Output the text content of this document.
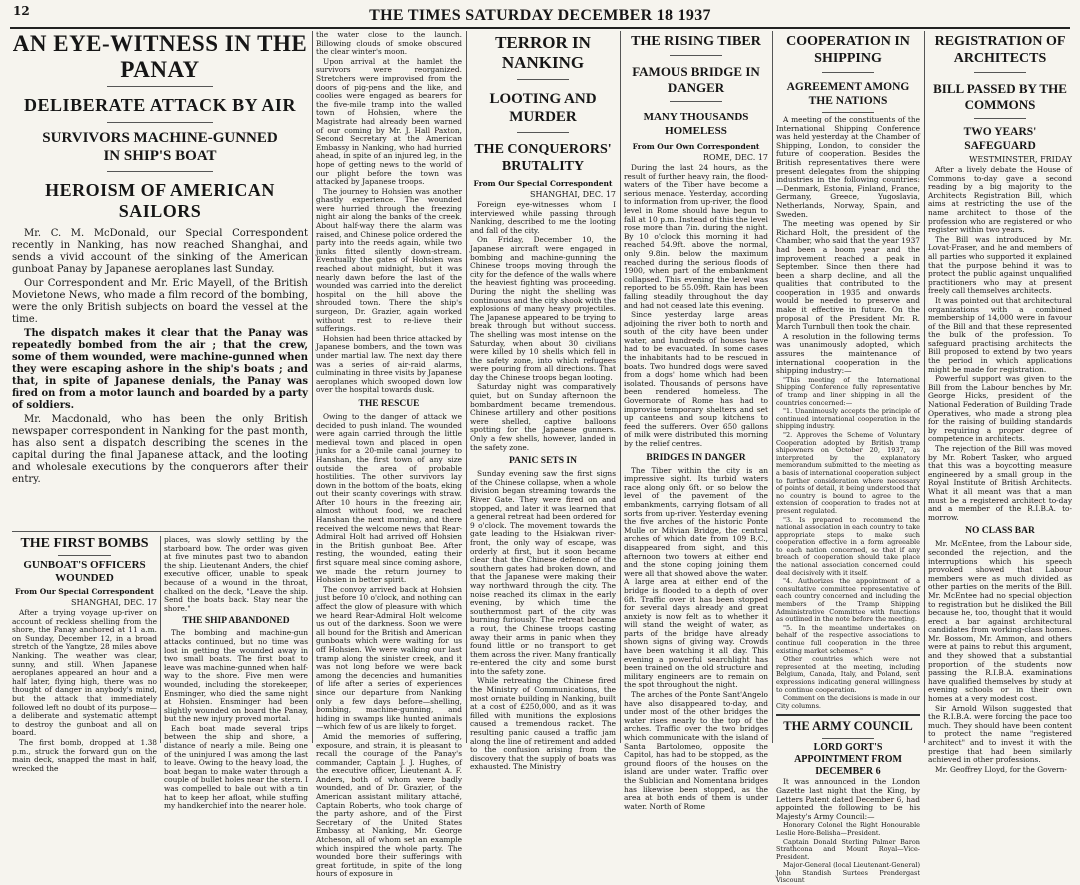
12	THE TIMES SATURDAY DECEMBER 18 1937
AN EYE-WITNESS IN THE PANAY
DELIBERATE ATTACK BY AIR
SURVIVORS MACHINE-GUNNED IN SHIP'S BOAT
HEROISM OF AMERICAN SAILORS

Mr. C. M. McDonald, our Special Correspondent recently in Nanking, has now reached Shanghai, and sends a vivid account of the sinking of the American gunboat Panay by Japanese aeroplanes last Sunday.

Our Correspondent and Mr. Eric Mayell, of the British Movietone News, who made a film record of the bombing, were the only British subjects on board the vessel at the time.

The dispatch makes it clear that the Panay was repeatedly bombed from the air ; that the crew, some of them wounded, were machine-gunned when they were escaping ashore in the ship's boats ; and that, in spite of Japanese denials, the Panay was fired on from a motor launch and boarded by a party of soldiers.

Mr. Macdonald, who has been the only British newspaper correspondent in Nanking for the past month, has also sent a dispatch describing the scenes in the capital during the final Japanese attack, and the looting and wholesale executions by the conquerors after their entry.

THE FIRST BOMBS
GUNBOAT'S OFFICERS WOUNDED
From Our Special Correspondent
SHANGHAI, DEC. 17

After a trying voyage up-river on account of reckless shelling from the shore, the Panay anchored at 11 a.m. on Sunday, December 12, in a broad stretch of the Yangtze, 28 miles above Nanking. The weather was clear, sunny, and still. When Japanese aeroplanes appeared an hour and a half later, flying high, there was no thought of danger in anybody's mind, but the attack that immediately followed left no doubt of its purpose—a deliberate and systematic attempt to destroy the gunboat and all on board.

The first bomb, dropped at 1.38 p.m., struck the forward gun on the main deck, snapped the mast in half, wrecked the

places, was slowly settling by the starboard bow. The order was given at five minutes past two to abandon the ship. Lieutenant Anders, the chief executive officer, unable to speak because of a wound in the throat, chalked on the deck, "Leave the ship. Send the boats back. Stay near the shore."

THE SHIP ABANDONED

The bombing and machine-gun attacks continued, but no time was lost in getting the wounded away in two small boats. The first boat to leave was machine-gunned when half-way to the shore. Five men were wounded, including the storekeeper, Ensminger, who died the same night at Hohsien. Ensminger had been slightly wounded on board the Panay, but the new injury proved mortal.

Each boat made several trips between the ship and shore, a distance of nearly a mile. Being one of the uninjured I was among the last to leave. Owing to the heavy load, the boat began to make water through a couple of bullet holes near the stern. I was compelled to bale out with a tin hat to keep her afloat, while stuffing my handkerchief into the nearer hole.

the water close to the launch. Billowing clouds of smoke obscured the clear winter's moon.

Upon arrival at the hamlet the survivors were reorganized. Stretchers were improvised from the doors of pig-pens and the like, and coolies were engaged as bearers for the five-mile tramp into the walled town of Hohsien, where the Magistrate had already been warned of our coming by Mr. J. Hall Paxton, Second Secretary at the American Embassy in Nanking, who had hurried ahead, in spite of an injured leg, in the hope of getting news to the world of our plight before the town was attacked by Japanese troops.

The journey to Hohsien was another ghastly experience. The wounded were hurried through the freezing night air along the banks of the creek. About half-way there the alarm was raised, and Chinese police ordered the party into the reeds again, while two junks fitted silently down-stream. Eventually the gates of Hohsien was reached about midnight, but it was nearly dawn before the last of the wounded was carried into the derelict hospital on the hill above the shrouded town. There the ship's surgeon, Dr. Grazier, again worked without rest to re-lieve their sufferings.

Hohsien had been thrice attacked by Japanese bombers, and the town was under martial law. The next day there was a series of air-raid alarms, culminating in three visits by Japanese aeroplanes which swooped down low over the hospital towards dusk.

THE RESCUE

Owing to the danger of attack we decided to push inland. The wounded were again carried through the little medieval town and placed in open junks for a 20-mile canal journey to Hanshan, the first town of any size outside the area of probable hostilities. The other survivors lay down in the bottom of the boats, eking out their scanty coverings with straw. After 10 hours in the freezing air, almost without food, we reached Hanshan the next morning, and there received the welcome news that Rear-Admiral Holt had arrived off Hohsien in the British gunboat Bee. After resting, the wounded, eating their first square meal since coming ashore, we made the return journey to Hohsien in better spirit.

The convoy arrived back at Hohsien just before 10 o'clock, and nothing can affect the glow of pleasure with which we heard Rear-Admiral Holt welcome us out of the darkness. Soon we were all bound for the British and American gunboats which were waiting for us off Hohsien. We were walking our last tramp along the sinister creek, and it was not long before we were back among the decencies and humanities of life after a series of experiences since our departure from Nanking only a few days before—shelling, bombing, machine-gunning, and hiding in swamps like hunted animals—which few of us are likely to forget.

Amid the memories of suffering, exposure, and strain, it is pleasant to recall the courage of the Panay's commander, Captain J. J. Hughes, of the executive officer, Lieutenant A. F. Anders, both of whom were badly wounded, and of Dr. Grazier, of the American assistant military attaché, Captain Roberts, who took charge of the party ashore, and of the First Secretary of the United States Embassy at Nanking, Mr. George Atcheson, all of whom set an example which inspired the whole party. The wounded bore their sufferings with great fortitude, in spite of the long hours of exposure in

TERROR IN NANKING
LOOTING AND MURDER
THE CONQUERORS' BRUTALITY
From Our Special Correspondent
SHANGHAI, DEC. 17

Foreign eye-witnesses whom I interviewed while passing through Nanking, described to me the looting and fall of the city.

On Friday, December 10, the Japanese aircraft were engaged in bombing and machine-gunning the Chinese troops moving through the city for the defence of the walls where the heaviest fighting was proceeding. During the night the shelling was continuous and the city shook with the explosions of many heavy projectiles. The Japanese appeared to be trying to break through but without success. The shelling was most intense on the Saturday, when about 30 civilians were killed by 10 shells which fell in the safety zone, into which refugees were pouring from all directions. That day the Chinese troops began looting.

Saturday night was comparatively quiet, but on Sunday afternoon the bombardment became tremendous. Chinese artillery and other positions were shelled, captive balloons spotting for the Japanese gunners. Only a few shells, however, landed in the safety zone.

PANIC SETS IN

Sunday evening saw the first signs of the Chinese collapse, when a whole division began streaming towards the River Gate. They were fired on and stopped, and later it was learned that a general retreat had been ordered for 9 o'clock. The movement towards the gate leading to the Hsiakwan river-front, the only way of escape, was orderly at first, but it soon became clear that the Chinese defence of the southern gates had broken down, and that the Japanese were making their way northward through the city. The noise reached its climax in the early evening, by which time the southernmost part of the city was burning furiously. The retreat became a rout, the Chinese troops casting away their arms in panic when they found little or no transport to get them across the river. Many frantically re-entered the city and some burst into the safety zone.

While retreating the Chinese fired the Ministry of Communications, the most ornate building in Nanking, built at a cost of £250,000, and as it was filled with munitions the explosions caused a tremendous racket. The resulting panic caused a traffic jam along the line of retirement and added to the confusion arising from the discovery that the supply of boats was exhausted. The Ministry

THE RISING TIBER
FAMOUS BRIDGE IN DANGER
MANY THOUSANDS HOMELESS
From Our Own Correspondent
ROME, DEC. 17

During the last 24 hours, as the result of further heavy rain, the flood-waters of the Tiber have become a serious menace. Yesterday, according to information from up-river, the flood level in Rome should have begun to fall at 10 p.m. Instead of this the level rose more than 7in. during the night. By 10 o'clock this morning it had reached 54.9ft. above the normal, only 9.8in. below the maximum reached during the serious floods of 1900, when part of the embankment collapsed. This evening the level was reported to be 55.09ft. Rain has been falling steadily throughout the day and had not ceased late this evening.

Since yesterday large areas adjoining the river both to north and south of the city have been under water, and hundreds of houses have had to be evacuated. In some cases the inhabitants had to be rescued in boats. Two hundred dogs were saved from a dogs' home which had been isolated. Thousands of persons have been rendered homeless. The Governorate of Rome has had to improvise temporary shelters and set up canteens and soup kitchens to feed the sufferers. Over 650 gallons of milk were distributed this morning by the relief centres.

BRIDGES IN DANGER

The Tiber within the city is an impressive sight. Its turbid waters race along only 6ft. or so below the level of the pavement of the embankments, carrying flotsam of all sorts from up-river. Yesterday evening the five arches of the historic Ponte Mulle or Milvian Bridge, the central arches of which date from 109 B.C., disappeared from sight, and this afternoon two towers at either end and the stone coping joining them were all that showed above the water. A large area at either end of the bridge is flooded to a depth of over 6ft. Traffic over it has been stopped for several days already and great anxiety is now felt as to whether it will stand the weight of water, as parts of the bridge have already shown signs of giving way. Crowds have been watching it all day. This evening a powerful searchlight has been trained on the old structure and military engineers are to remain on the spot throughout the night.

The arches of the Ponte Sant'Angelo have also disappeared to-day, and under most of the other bridges the water rises nearly to the top of the arches. Traffic over the two bridges which communicate with the island of Santa Bartolomeo, opposite the Capitol, has had to be stopped, as the ground floors of the houses on the island are under water. Traffic over the Sublician and Nomentana bridges has likewise been stopped, as the area at both ends of them is under water. North of Rome

COOPERATION IN SHIPPING
AGREEMENT AMONG THE NATIONS

A meeting of the constituents of the International Shipping Conference was held yesterday at the Chamber of Shipping, London, to consider the future of cooperation. Besides the British representatives there were present delegates from the shipping industries in the following countries:—Denmark, Estonia, Finland, France, Germany, Greece, Yugoslavia, Netherlands, Norway, Spain, and Sweden.

The meeting was opened by Sir Richard Holt, the president of the Chamber, who said that the year 1937 had been a boom year and the improvement reached a peak in September. Since then there had been a sharp decline, and all the qualities that contributed to the cooperation in 1935 and onwards would be needed to preserve and make it effective in future. On the proposal of the President Mr. R. March Turnbull then took the chair.

A resolution in the following terms was unanimously adopted, which assures the maintenance of international cooperation in the shipping industry:—

"This meeting of the International Shipping Conference fully representative of tramp and liner shipping in all the countries concerned:—

"1. Unanimously accepts the principle of continued international cooperation in the shipping industry.

"2. Approves the Scheme of Voluntary Cooperation adopted by British tramp shipowners on October 20, 1937, as interpreted by the explanatory memorandum submitted to the meeting as a basis of international cooperation subject to further consideration where necessary of points of detail, it being understood that no country is bound to agree to the extension of cooperation to trades not at present regulated.

"3. Is prepared to recommend the national association in each country to take appropriate steps to make such cooperation effective in a form agreeable to each nation concerned, so that if any breach of cooperation should take place the national association concerned could deal decisively with it itself.

"4. Authorizes the appointment of a consultative committee representative of each country concerned and including the members of the Tramp Shipping Administrative Committee with functions as outlined in the note before the meeting.

"5. In the meantime undertakes on behalf of the respective associations to continue full cooperation in the three existing market schemes."

Other countries which were not represented at the meeting, including Belgium, Canada, Italy, and Poland, sent expressions indicating general willingness to continue cooperation.

Comment on the decisions is made in our City columns.

THE ARMY COUNCIL
LORD GORT'S APPOINTMENT FROM DECEMBER 6

It was announced in the London Gazette last night that the King, by Letters Patent dated December 6, had appointed the following to be his Majesty's Army Council:—

Honorary Colonel the Right Honourable Leslie Hore-Belisha—President.

Captain Donald Sterling Palmer Baron Strathcona and Mount Royal—Vice-President.

Major-General (local Lieutenant-General) John Standish Surtees Prendergast Viscount

REGISTRATION OF ARCHITECTS
BILL PASSED BY THE COMMONS
TWO YEARS' SAFEGUARD
WESTMINSTER, FRIDAY

After a lively debate the House of Commons to-day gave a second reading by a big majority to the Architects Registration Bill, which aims at restricting the use of the name architect to those of the profession who are registered or who register within two years.

The Bill was introduced by Mr. Lovat-Fraser, and he and members of all parties who supported it explained that the purpose behind it was to protect the public against unqualified practitioners who may at present freely call themselves architects.

It was pointed out that architectural organizations with a combined membership of 14,000 were in favour of the Bill and that these represented the bulk of the profession. To safeguard practising architects the Bill proposed to extend by two years the period in which applications might be made for registration.

Powerful support was given to the Bill from the Labour benches by Mr. George Hicks, president of the National Federation of Building Trade Operatives, who made a strong plea for the raising of building standards by requiring a proper degree of competence in architects.

The rejection of the Bill was moved by Mr. Robert Tasker, who argued that this was a boycotting measure engineered by a small group in the Royal Institute of British Architects. What it all meant was that a man must be a registered architect to-day and a member of the R.I.B.A. to-morrow.

NO CLASS BAR

Mr. McEntee, from the Labour side, seconded the rejection, and the interruptions which his speech provoked showed that Labour members were as much divided as other parties on the merits of the Bill. Mr. McEntee had no special objection to registration but he disliked the Bill because he, too, thought that it would erect a bar against architectural candidates from working-class homes. Mr. Bossom, Mr. Ammon, and others were at pains to rebut this argument, and they showed that a substantial proportion of the students now passing the R.I.B.A. examinations have qualified themselves by study at evening schools or in their own homes at a very modest cost.

Sir Arnold Wilson suggested that the R.I.B.A. were forcing the pace too much. They should have been content to protect the name "registered architect" and to invest it with the prestige that had been similarly achieved in other professions.

Mr. Geoffrey Lloyd, for the Govern-
